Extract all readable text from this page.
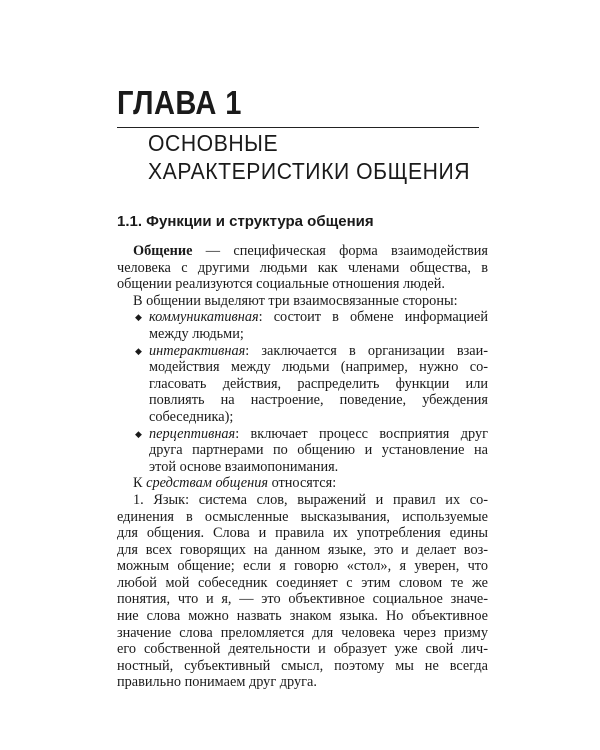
ГЛАВА 1
ОСНОВНЫЕ
ХАРАКТЕРИСТИКИ ОБЩЕНИЯ
1.1. Функции и структура общения

Общение — специфическая форма взаимодействия
человека с другими людьми как членами общества, в
общении реализуются социальные отношения людей.

В общении выделяют три взаимосвязанные стороны:

◆ коммуникативная: состоит в обмене информацией
между людьми;
◆ интерактивная: заключается в организации взаи-
модействия между людьми (например, нужно со-
гласовать действия, распределить функции или
повлиять на настроение, поведение, убеждения
собеседника);
◆ перцептивная: включает процесс восприятия друг
друга партнерами по общению и установление на
этой основе взаимопонимания.

К средствам общения относятся:

1. Язык: система слов, выражений и правил их со-
единения в осмысленные высказывания, используемые
для общения. Слова и правила их употребления едины
для всех говорящих на данном языке, это и делает воз-
можным общение; если я говорю «стол», я уверен, что
любой мой собеседник соединяет с этим словом те же
понятия, что и я, — это объективное социальное значе-
ние слова можно назвать знаком языка. Но объективное
значение слова преломляется для человека через призму
его собственной деятельности и образует уже свой лич-
ностный, субъективный смысл, поэтому мы не всегда
правильно понимаем друг друга.
